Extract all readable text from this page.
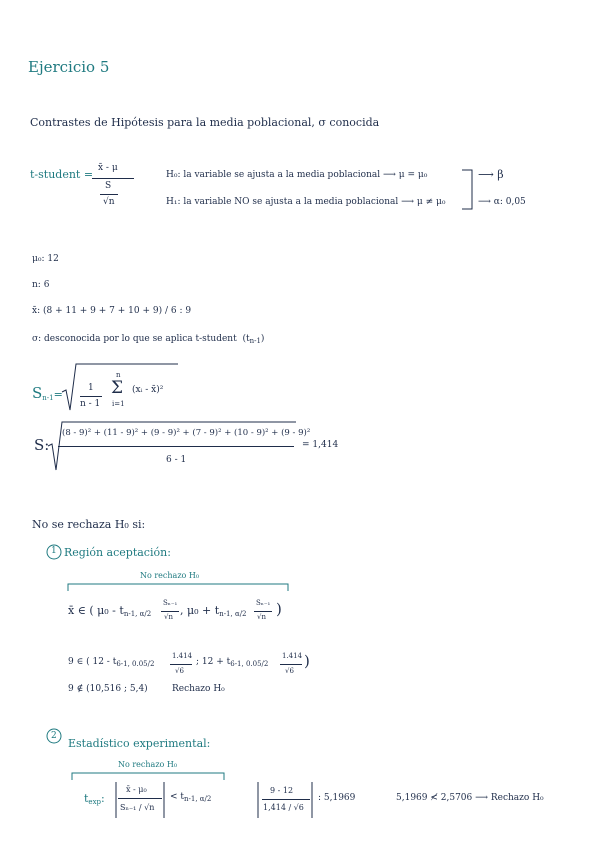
Ejercicio 5
Contrastes de Hipótesis para la media poblacional, σ conocida
t-student = x̄ - μ
S
√n
H₀: la variable se ajusta a la media poblacional ⟶ μ = μ₀
H₁: la variable NO se ajusta a la media poblacional ⟶ μ ≠ μ₀
⟶ β
⟶ α: 0,05
μ₀: 12
n: 6
x̄: (8 + 11 + 9 + 7 + 10 + 9) / 6 : 9
σ: desconocida por lo que se aplica t-student $(t_{n-1})$
$S_{n-1}=$	1
n - 1
n
Σ
i=1
(xᵢ - x̄)²
S:
(8 - 9)² + (11 - 9)² + (9 - 9)² + (7 - 9)² + (10 - 9)² + (9 - 9)²
6 - 1
= 1,414
No se rechaza H₀ si:
1 Región aceptación:
No rechazo H₀
x̄ ∈ ( $\mu_0 - t_{n-1, \alpha/2}$
Sₙ₋₁
√n , $\mu_0 + t_{n-1, \alpha/2}$
Sₙ₋₁
√n )
9 ∈ ( $12 - t_{6-1, 0.05/2}$
1.414
√6
; $12 + t_{6-1, 0.05/2}$
1.414
√6
)
9 ∉ (10,516 ; 5,4)	Rechazo H₀
2
Estadístico experimental:
No rechazo H₀
$t_{exp}$:
x̄ - μ₀
Sₙ₋₁ / √n
< $t_{n-1, \alpha/2}$
9 - 12
1,414 / √6
: 5,1969	5,1969 ≮ 2,5706 ⟶ Rechazo H₀
